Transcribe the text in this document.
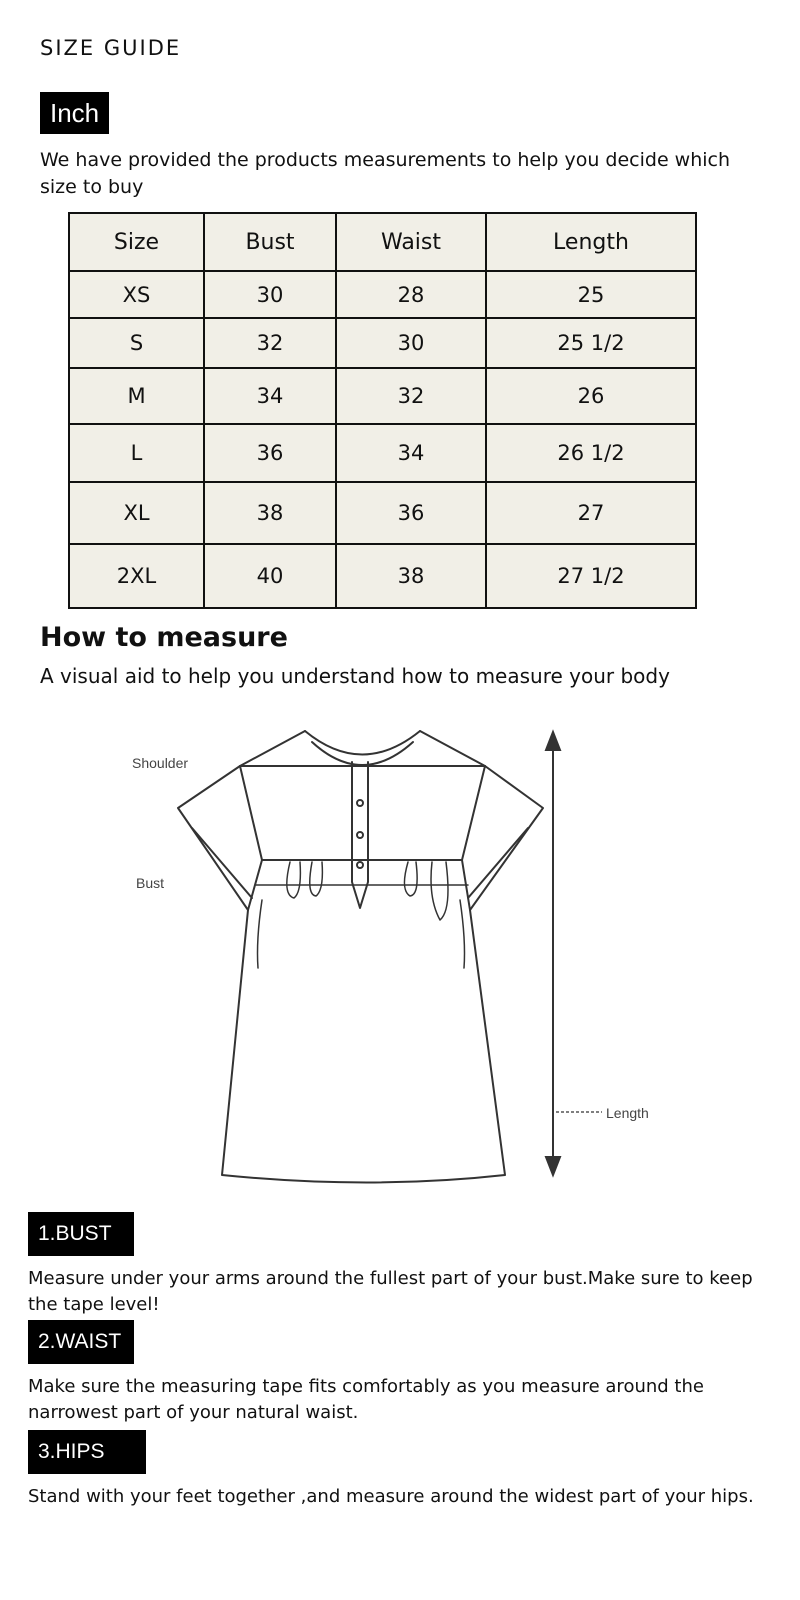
SIZE GUIDE
Inch
We have provided the products measurements to help you decide which size to buy
Size	Bust	Waist	Length
XS	30	28	25
S	32	30	25 1/2
M	34	32	26
L	36	34	26 1/2
XL	38	36	27
2XL	40	38	27 1/2
How to measure
A visual aid to help you understand how to measure your body
Shoulder
Bust
Length
1.BUST
Measure under your arms around the fullest part of your bust.Make sure to keep the tape level!
2.WAIST
Make sure the measuring tape fits comfortably as you measure around the narrowest part of your natural waist.
3.HIPS
Stand with your feet together ,and measure around the widest part of your hips.
